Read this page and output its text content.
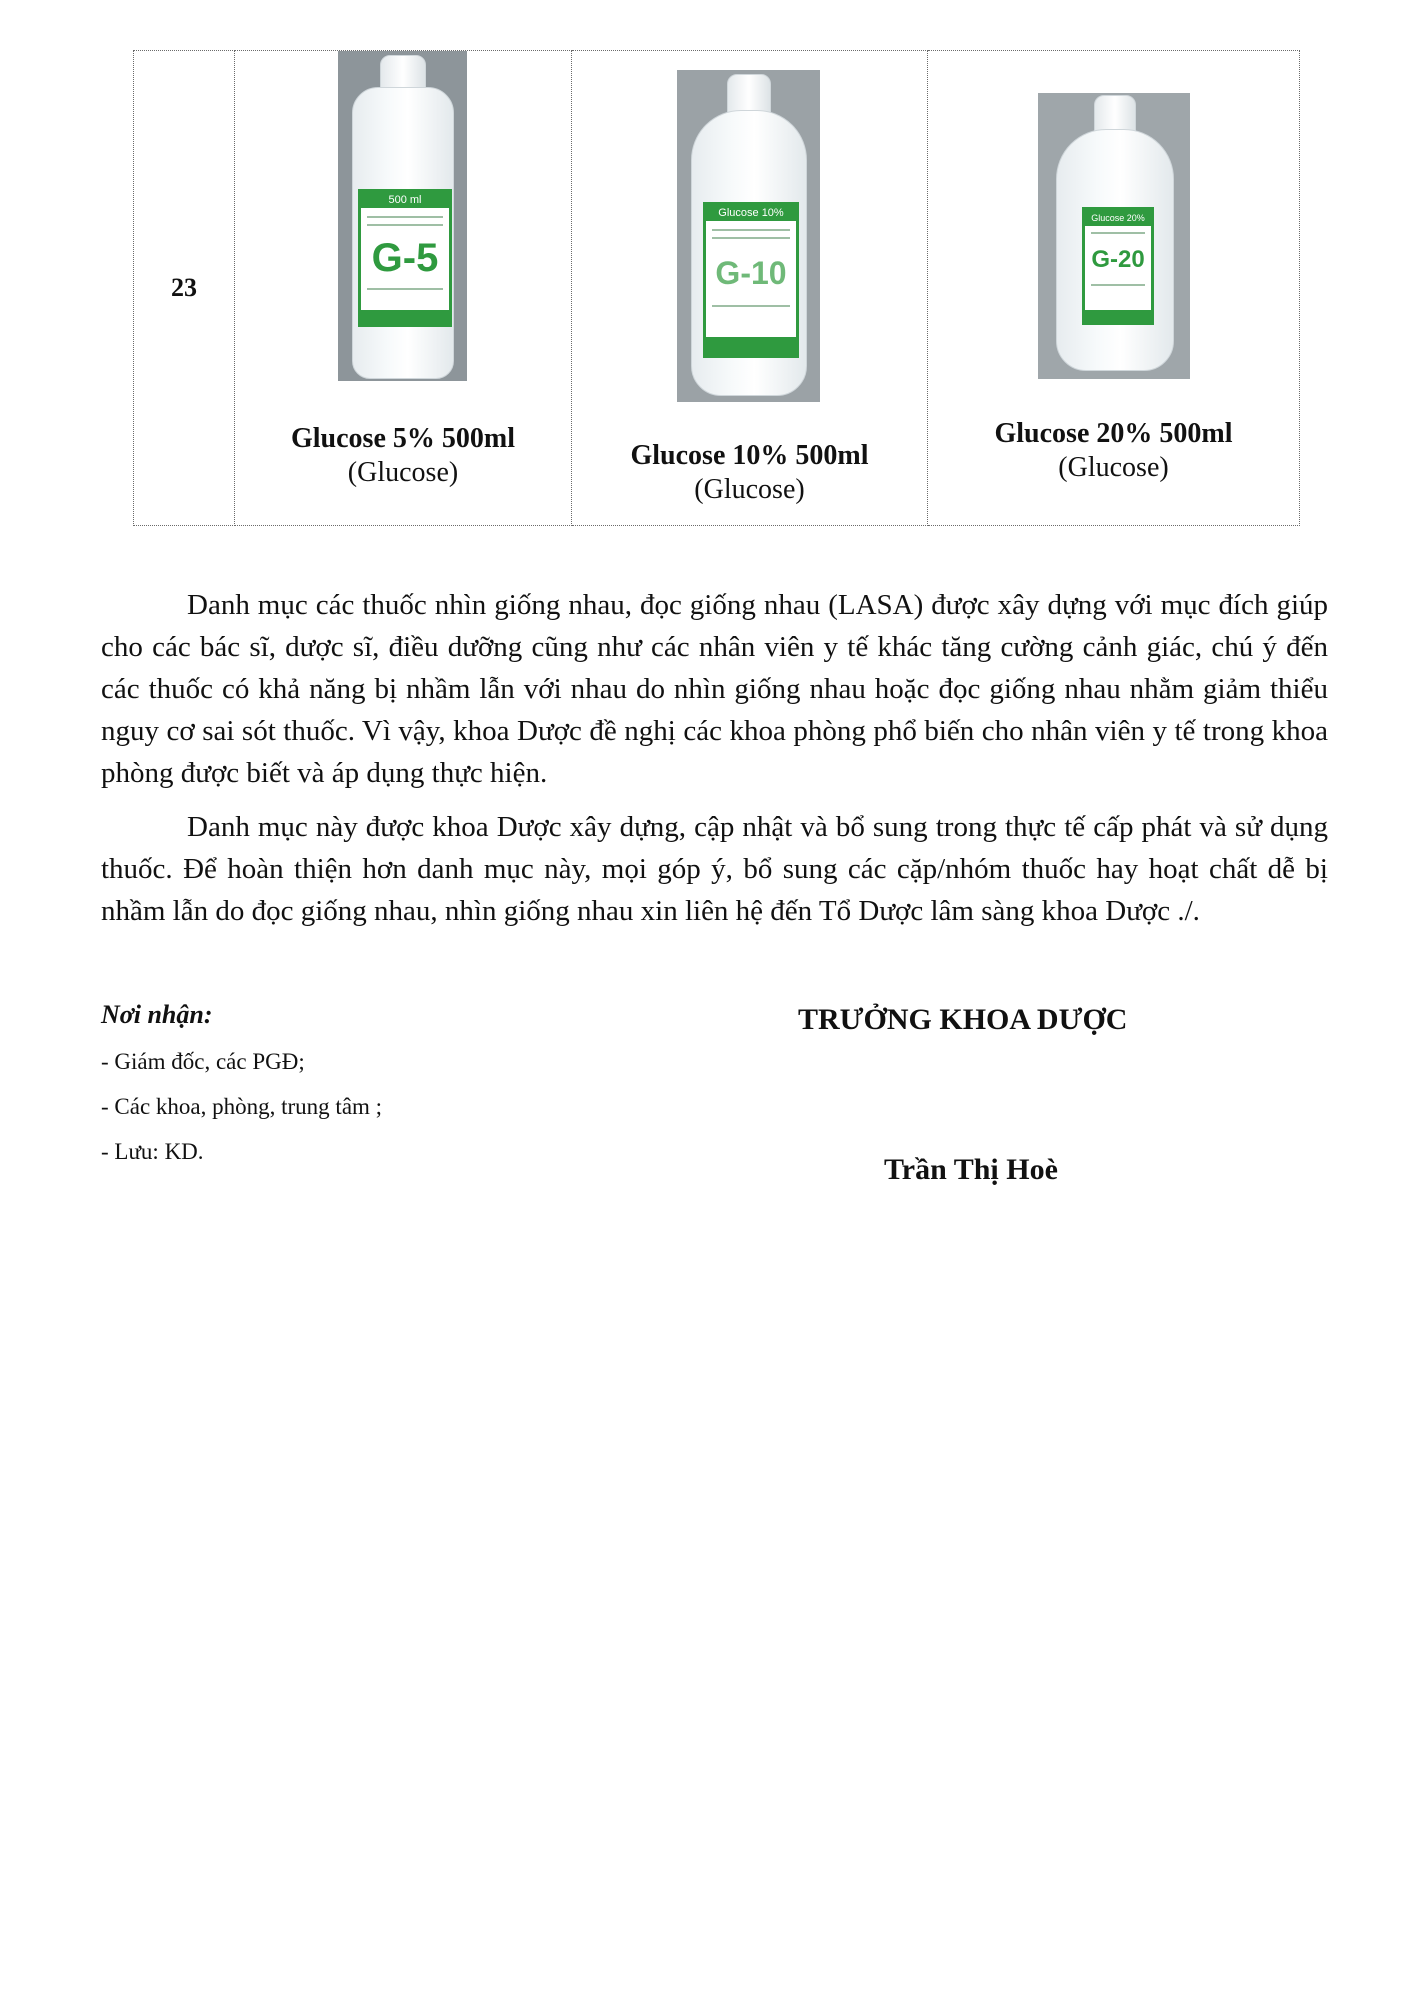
23

500 ml
G-5
Glucose 5% 500ml
(Glucose)

Glucose 10%
G-10
Glucose 10% 500ml
(Glucose)

Glucose 20%
G-20
Glucose 20% 500ml
(Glucose)

Danh mục các thuốc nhìn giống nhau, đọc giống nhau (LASA) được xây dựng với mục đích giúp cho các bác sĩ, dược sĩ, điều dưỡng cũng như các nhân viên y tế khác tăng cường cảnh giác, chú ý đến các thuốc có khả năng bị nhầm lẫn với nhau do nhìn giống nhau hoặc đọc giống nhau nhằm giảm thiểu nguy cơ sai sót thuốc. Vì vậy, khoa Dược đề nghị các khoa phòng phổ biến cho nhân viên y tế trong khoa phòng được biết và áp dụng thực hiện.

Danh mục này được khoa Dược xây dựng, cập nhật và bổ sung trong thực tế cấp phát và sử dụng thuốc. Để hoàn thiện hơn danh mục này, mọi góp ý, bổ sung các cặp/nhóm thuốc hay hoạt chất dễ bị nhầm lẫn do đọc giống nhau, nhìn giống nhau xin liên hệ đến Tổ Dược lâm sàng khoa Dược ./.

Nơi nhận:
- Giám đốc, các PGĐ;
- Các khoa, phòng, trung tâm ;
- Lưu: KD.
TRƯỞNG KHOA DƯỢC
Trần Thị Hoè
